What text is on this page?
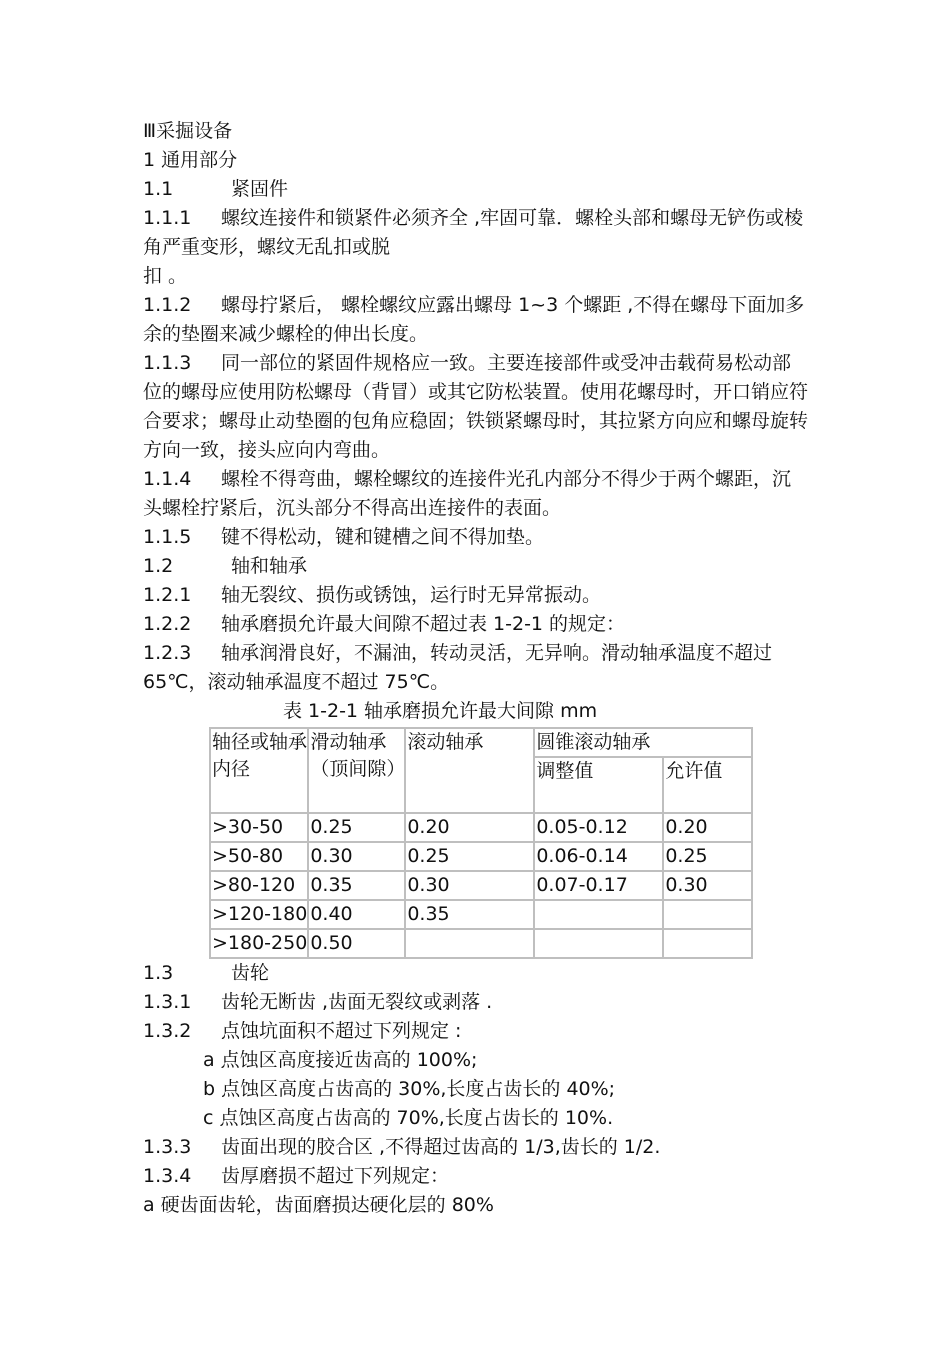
Ⅲ采掘设备

1 通用部分

1.1	紧固件

1.1.1 螺纹连接件和锁紧件必须齐全 ,牢固可靠．螺栓头部和螺母无铲伤或棱角严重变形，螺纹无乱扣或脱

扣 。

1.1.2 螺母拧紧后， 螺栓螺纹应露出螺母 1~3 个螺距 ,不得在螺母下面加多余的垫圈来减少螺栓的伸出长度。

1.1.3 同一部位的紧固件规格应一致。主要连接部件或受冲击载荷易松动部位的螺母应使用防松螺母（背冒）或其它防松装置。使用花螺母时，开口销应符合要求；螺母止动垫圈的包角应稳固；铁锁紧螺母时，其拉紧方向应和螺母旋转方向一致，接头应向内弯曲。

1.1.4 螺栓不得弯曲，螺栓螺纹的连接件光孔内部分不得少于两个螺距，沉头螺栓拧紧后，沉头部分不得高出连接件的表面。

1.1.5 键不得松动，键和键槽之间不得加垫。

1.2	轴和轴承

1.2.1 轴无裂纹、损伤或锈蚀，运行时无异常振动。

1.2.2 轴承磨损允许最大间隙不超过表 1-2-1 的规定：

1.2.3 轴承润滑良好，不漏油，转动灵活，无异响。滑动轴承温度不超过 65℃，滚动轴承温度不超过 75℃。

表 1-2-1 轴承磨损允许最大间隙 mm

轴径或轴承内径	滑动轴承（顶间隙）	滚动轴承	圆锥滚动轴承	
			调整值	允许值
>30-50	0.25	0.20	0.05-0.12	0.20
>50-80	0.30	0.25	0.06-0.14	0.25
>80-120	0.35	0.30	0.07-0.17	0.30
>120-180	0.40	0.35		
>180-250	0.50			

1.3	齿轮

1.3.1 齿轮无断齿 ,齿面无裂纹或剥落 .

1.3.2 点蚀坑面积不超过下列规定 :

a 点蚀区高度接近齿高的 100%;

b 点蚀区高度占齿高的 30%,长度占齿长的 40%;

c 点蚀区高度占齿高的 70%,长度占齿长的 10%.

1.3.3 齿面出现的胶合区 ,不得超过齿高的 1/3,齿长的 1/2.

1.3.4 齿厚磨损不超过下列规定：

a 硬齿面齿轮，齿面磨损达硬化层的 80%
